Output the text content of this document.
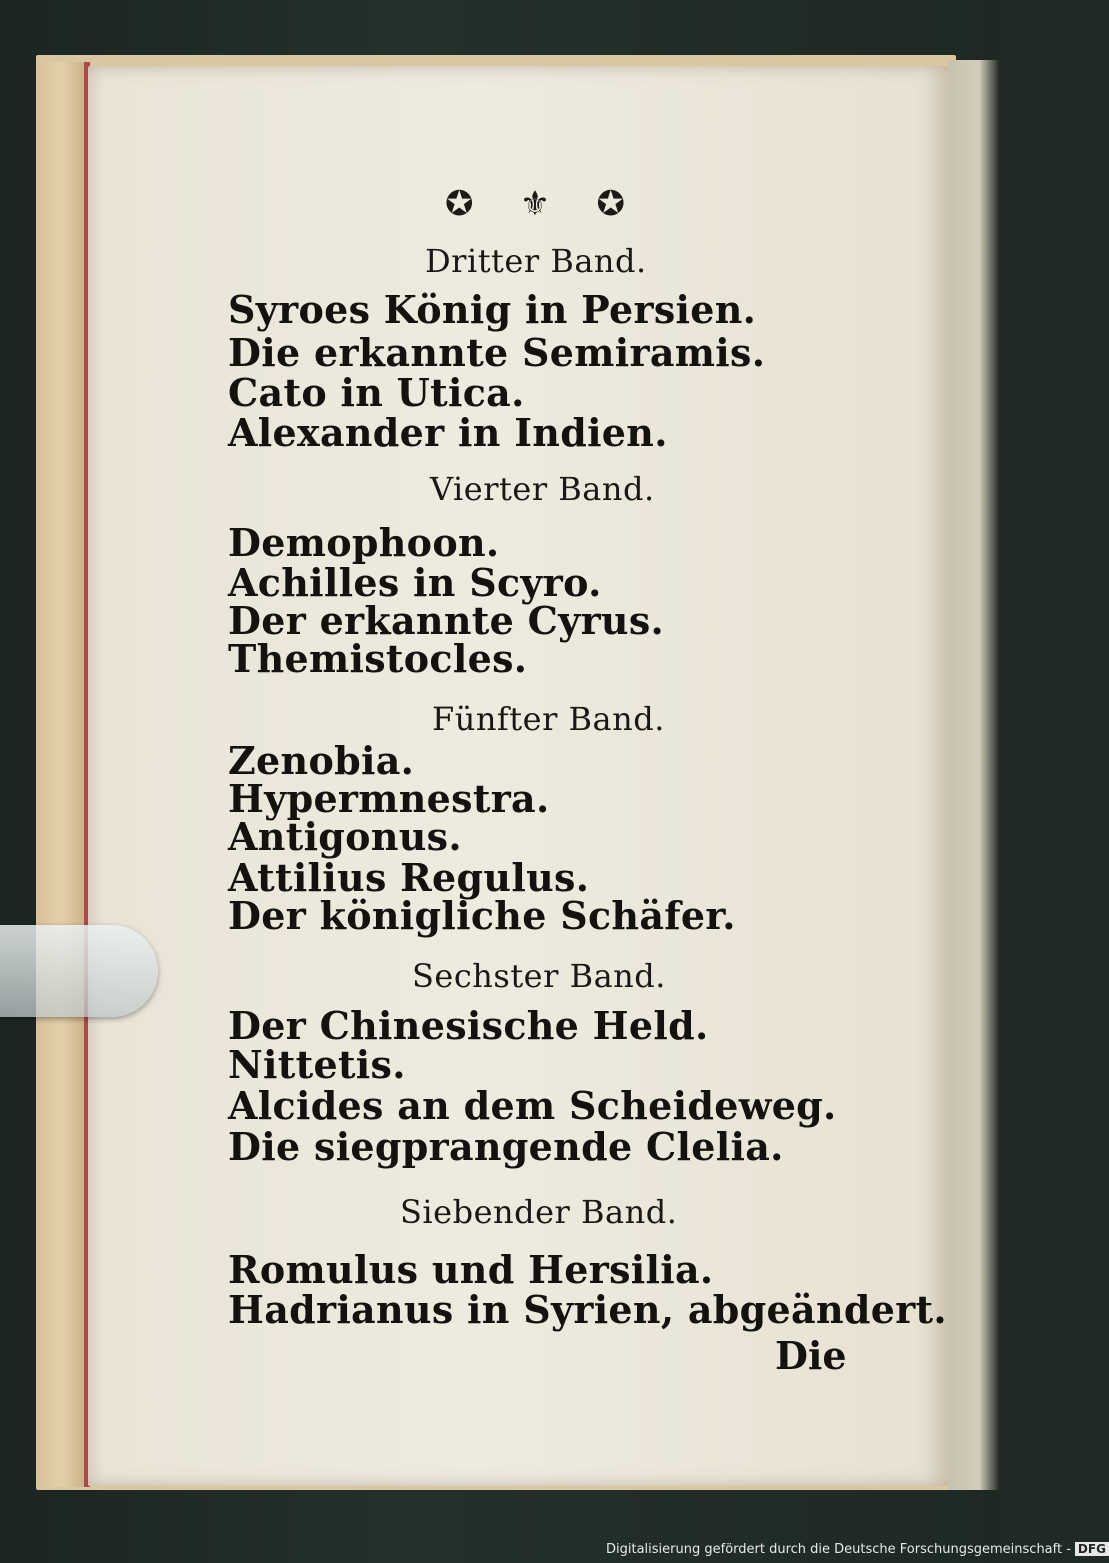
✪ ⚜ ✪
Dritter Band.
Syroes König in Persien.
Die erkannte Semiramis.
Cato in Utica.
Alexander in Indien.
Vierter Band.
Demophoon.
Achilles in Scyro.
Der erkannte Cyrus.
Themistocles.
Fünfter Band.
Zenobia.
Hypermnestra.
Antigonus.
Attilius Regulus.
Der königliche Schäfer.
Sechster Band.
Der Chinesische Held.
Nittetis.
Alcides an dem Scheideweg.
Die siegprangende Clelia.
Siebender Band.
Romulus und Hersilia.
Hadrianus in Syrien, abgeändert.
Die
Digitalisierung gefördert durch die Deutsche Forschungsgemeinschaft - DFG
